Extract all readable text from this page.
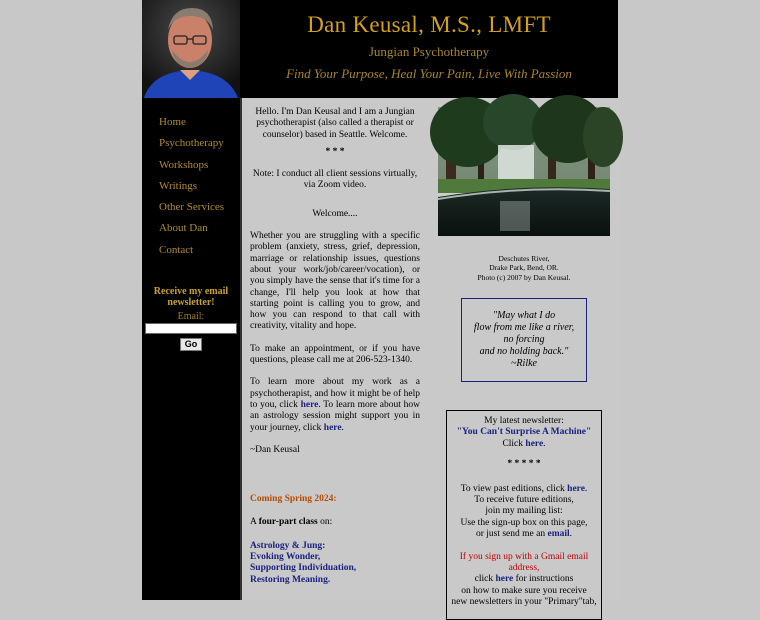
Dan Keusal, M.S., LMFT
Jungian Psychotherapy
Find Your Purpose, Heal Your Pain, Live With Passion
Home
Psychotherapy
Workshops
Writings
Other Services
About Dan
Contact
Receive my email newsletter!
Email:
Go

Hello. I'm Dan Keusal and I am a Jungian psychotherapist (also called a therapist or counselor) based in Seattle. Welcome.

* * *

Note: I conduct all client sessions virtually, via Zoom video.

Welcome....

Whether you are struggling with a specific problem (anxiety, stress, grief, depression, marriage or relationship issues, questions about your work/job/career/vocation), or you simply have the sense that it's time for a change, I'll help you look at how that starting point is calling you to grow, and how you can respond to that call with creativity, vitality and hope.

To make an appointment, or if you have questions, please call me at 206-523-1340.

To learn more about my work as a psychotherapist, and how it might be of help to you, click here. To learn more about how an astrology session might support you in your journey, click here.

~Dan Keusal

Coming Spring 2024:

A four-part class on:

Astrology & Jung:

Evoking Wonder,

Supporting Individuation,

Restoring Meaning.

Deschutes River,
Drake Park, Bend, OR.
Photo (c) 2007 by Dan Keusal.
"May what I do
flow from me like a river,
no forcing
and no holding back."
~Rilke
My latest newsletter:
"You Can't Surprise A Machine"
Click here.
* * * * *
To view past editions, click here.
To receive future editions,
join my mailing list:
Use the sign-up box on this page,
or just send me an email.
If you sign up with a Gmail email address,
click here for instructions
on how to make sure you receive
new newsletters in your "Primary"tab,
